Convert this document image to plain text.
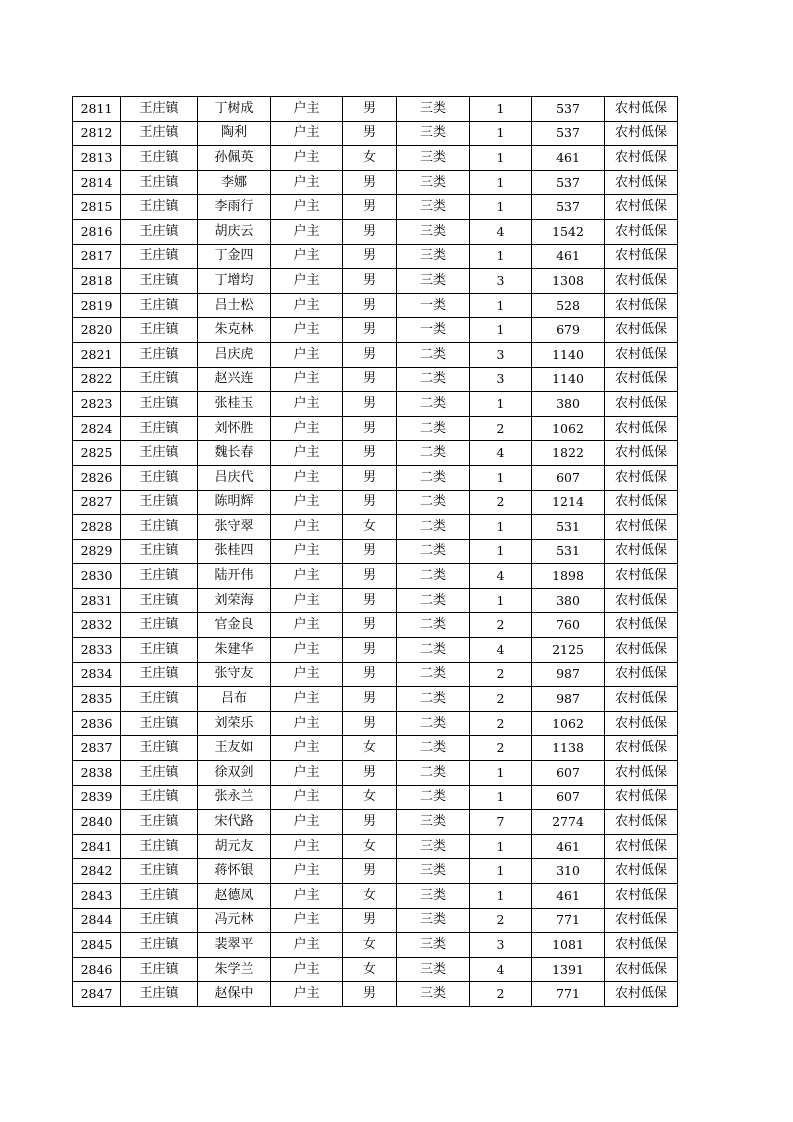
2811	王庄镇	丁树成	户主	男	三类	1	537	农村低保
2812	王庄镇	陶利	户主	男	三类	1	537	农村低保
2813	王庄镇	孙佩英	户主	女	三类	1	461	农村低保
2814	王庄镇	李娜	户主	男	三类	1	537	农村低保
2815	王庄镇	李雨行	户主	男	三类	1	537	农村低保
2816	王庄镇	胡庆云	户主	男	三类	4	1542	农村低保
2817	王庄镇	丁金四	户主	男	三类	1	461	农村低保
2818	王庄镇	丁增均	户主	男	三类	3	1308	农村低保
2819	王庄镇	吕士松	户主	男	一类	1	528	农村低保
2820	王庄镇	朱克林	户主	男	一类	1	679	农村低保
2821	王庄镇	吕庆虎	户主	男	二类	3	1140	农村低保
2822	王庄镇	赵兴连	户主	男	二类	3	1140	农村低保
2823	王庄镇	张桂玉	户主	男	二类	1	380	农村低保
2824	王庄镇	刘怀胜	户主	男	二类	2	1062	农村低保
2825	王庄镇	魏长春	户主	男	二类	4	1822	农村低保
2826	王庄镇	吕庆代	户主	男	二类	1	607	农村低保
2827	王庄镇	陈明辉	户主	男	二类	2	1214	农村低保
2828	王庄镇	张守翠	户主	女	二类	1	531	农村低保
2829	王庄镇	张桂四	户主	男	二类	1	531	农村低保
2830	王庄镇	陆开伟	户主	男	二类	4	1898	农村低保
2831	王庄镇	刘荣海	户主	男	二类	1	380	农村低保
2832	王庄镇	官金良	户主	男	二类	2	760	农村低保
2833	王庄镇	朱建华	户主	男	二类	4	2125	农村低保
2834	王庄镇	张守友	户主	男	二类	2	987	农村低保
2835	王庄镇	吕布	户主	男	二类	2	987	农村低保
2836	王庄镇	刘荣乐	户主	男	二类	2	1062	农村低保
2837	王庄镇	王友如	户主	女	二类	2	1138	农村低保
2838	王庄镇	徐双剑	户主	男	二类	1	607	农村低保
2839	王庄镇	张永兰	户主	女	二类	1	607	农村低保
2840	王庄镇	宋代路	户主	男	三类	7	2774	农村低保
2841	王庄镇	胡元友	户主	女	三类	1	461	农村低保
2842	王庄镇	蒋怀银	户主	男	三类	1	310	农村低保
2843	王庄镇	赵德凤	户主	女	三类	1	461	农村低保
2844	王庄镇	冯元林	户主	男	三类	2	771	农村低保
2845	王庄镇	裴翠平	户主	女	三类	3	1081	农村低保
2846	王庄镇	朱学兰	户主	女	三类	4	1391	农村低保
2847	王庄镇	赵保中	户主	男	三类	2	771	农村低保
